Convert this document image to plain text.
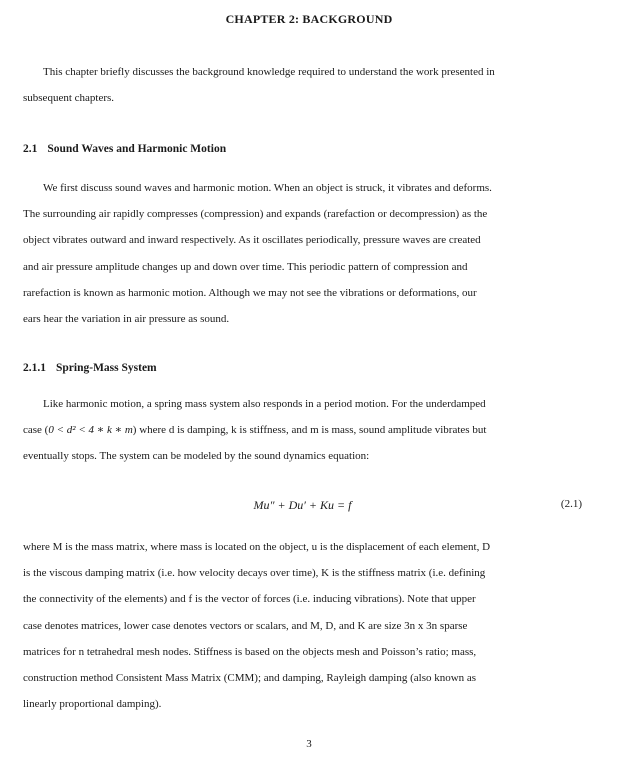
CHAPTER 2: BACKGROUND

This chapter briefly discusses the background knowledge required to understand the work presented in
subsequent chapters.

2.1 Sound Waves and Harmonic Motion

We first discuss sound waves and harmonic motion. When an object is struck, it vibrates and deforms.
The surrounding air rapidly compresses (compression) and expands (rarefaction or decompression) as the
object vibrates outward and inward respectively. As it oscillates periodically, pressure waves are created
and air pressure amplitude changes up and down over time. This periodic pattern of compression and
rarefaction is known as harmonic motion. Although we may not see the vibrations or deformations, our
ears hear the variation in air pressure as sound.

2.1.1 Spring-Mass System

Like harmonic motion, a spring mass system also responds in a period motion. For the underdamped
case (0 < d² < 4 ∗ k ∗ m) where d is damping, k is stiffness, and m is mass, sound amplitude vibrates but
eventually stops. The system can be modeled by the sound dynamics equation:

Mu″ + Du′ + Ku = f	(2.1)

where M is the mass matrix, where mass is located on the object, u is the displacement of each element, D
is the viscous damping matrix (i.e. how velocity decays over time), K is the stiffness matrix (i.e. defining
the connectivity of the elements) and f is the vector of forces (i.e. inducing vibrations). Note that upper
case denotes matrices, lower case denotes vectors or scalars, and M, D, and K are size 3n x 3n sparse
matrices for n tetrahedral mesh nodes. Stiffness is based on the objects mesh and Poisson’s ratio; mass,
construction method Consistent Mass Matrix (CMM); and damping, Rayleigh damping (also known as
linearly proportional damping).

3
